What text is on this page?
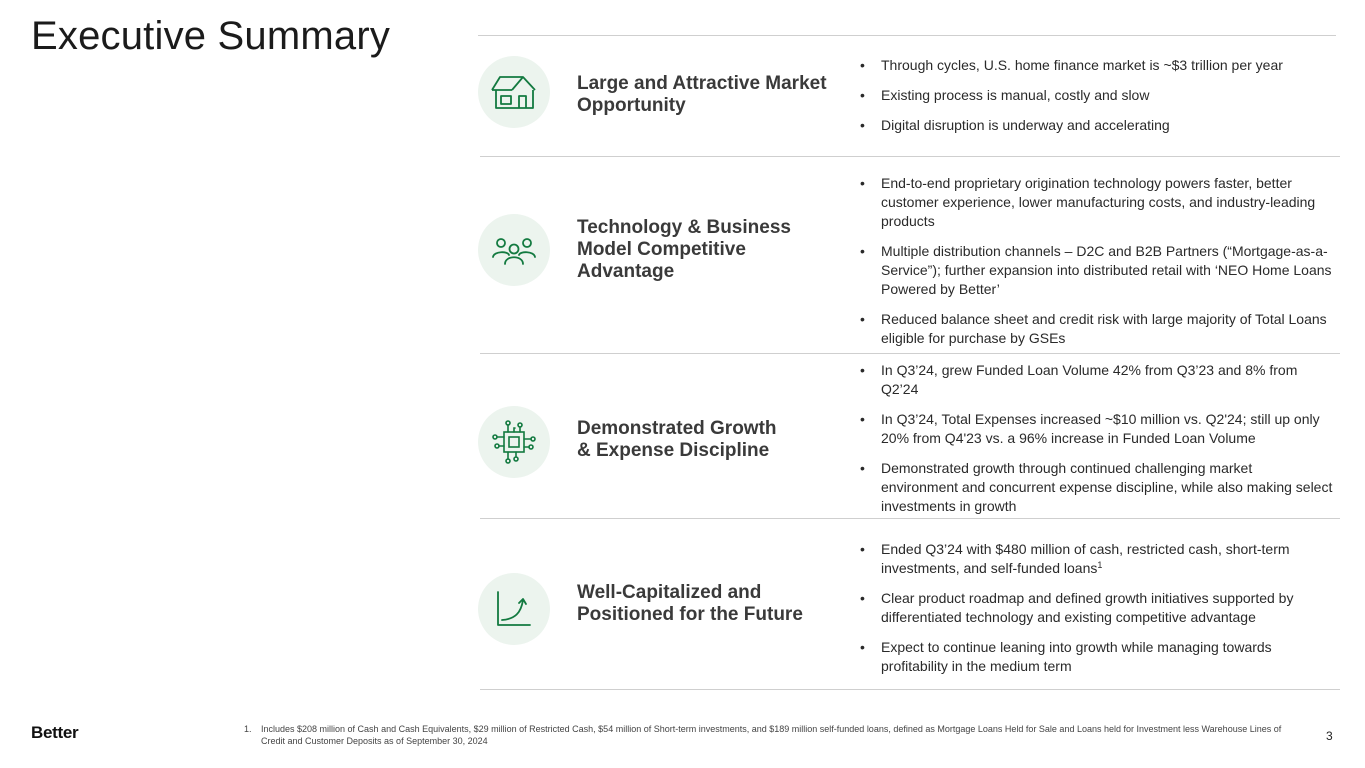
Executive Summary
Large and Attractive Market Opportunity
• Through cycles, U.S. home finance market is ~$3 trillion per year
• Existing process is manual, costly and slow
• Digital disruption is underway and accelerating
Technology & Business Model Competitive Advantage
• End-to-end proprietary origination technology powers faster, better customer experience, lower manufacturing costs, and industry-leading products
• Multiple distribution channels – D2C and B2B Partners (“Mortgage-as-a-Service”); further expansion into distributed retail with ‘NEO Home Loans Powered by Better’
• Reduced balance sheet and credit risk with large majority of Total Loans eligible for purchase by GSEs
Demonstrated Growth
& Expense Discipline
• In Q3’24, grew Funded Loan Volume 42% from Q3’23 and 8% from Q2’24
• In Q3’24, Total Expenses increased ~$10 million vs. Q2'24; still up only 20% from Q4'23 vs. a 96% increase in Funded Loan Volume
• Demonstrated growth through continued challenging market environment and concurrent expense discipline, while also making select investments in growth
Well-Capitalized and Positioned for the Future
• Ended Q3’24 with $480 million of cash, restricted cash, short-term investments, and self-funded loans$^1$
• Clear product roadmap and defined growth initiatives supported by differentiated technology and existing competitive advantage
• Expect to continue leaning into growth while managing towards profitability in the medium term
Better	1.	Includes $208 million of Cash and Cash Equivalents, $29 million of Restricted Cash, $54 million of Short-term investments, and $189 million self-funded loans, defined as Mortgage Loans Held for Sale and Loans held for Investment less Warehouse Lines of Credit and Customer Deposits as of September 30, 2024	3
